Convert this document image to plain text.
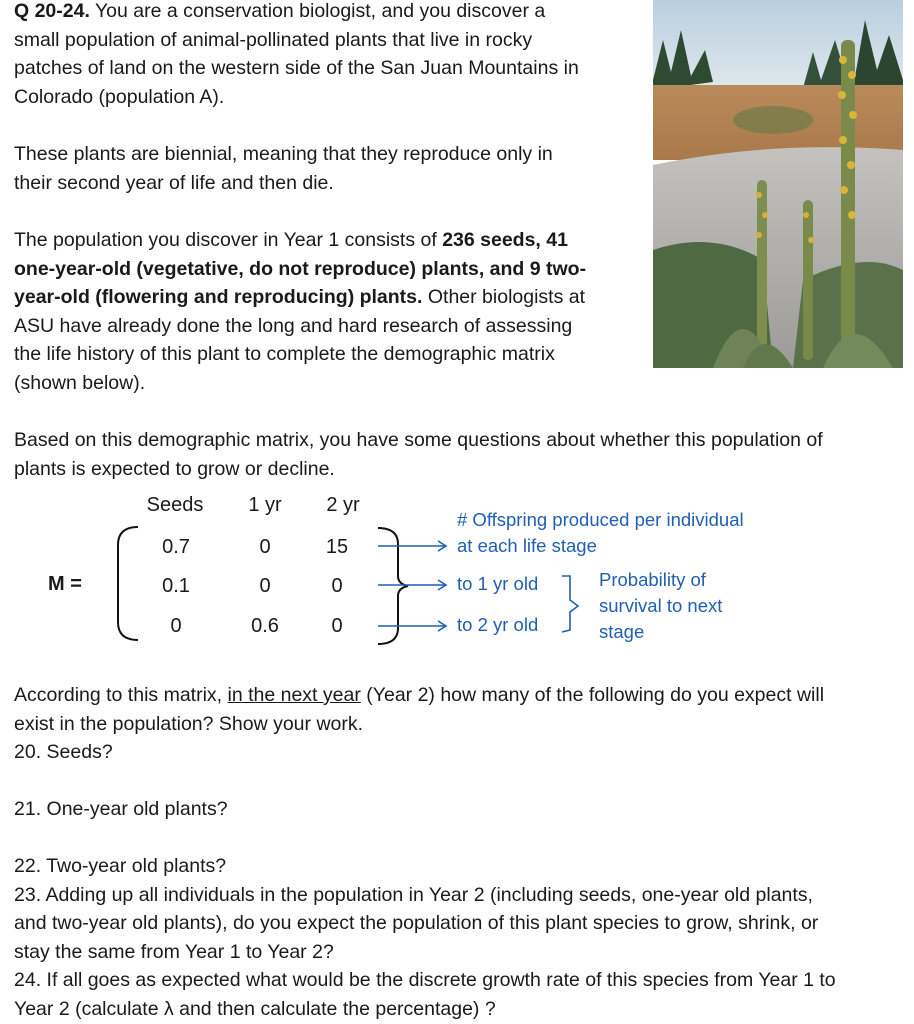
Q 20-24. You are a conservation biologist, and you discover a
small population of animal-pollinated plants that live in rocky
patches of land on the western side of the San Juan Mountains in
Colorado (population A).
These plants are biennial, meaning that they reproduce only in
their second year of life and then die.
The population you discover in Year 1 consists of 236 seeds, 41
one-year-old (vegetative, do not reproduce) plants, and 9 two-
year-old (flowering and reproducing) plants. Other biologists at
ASU have already done the long and hard research of assessing
the life history of this plant to complete the demographic matrix
(shown below).
Based on this demographic matrix, you have some questions about whether this population of
plants is expected to grow or decline.
M =
Seeds	1 yr	2 yr
0.7	0	15
0.1	0	0
0	0.6	0
# Offspring produced per individual
at each life stage
to 1 yr old
to 2 yr old
Probability of
survival to next
stage
According to this matrix, in the next year (Year 2) how many of the following do you expect will
exist in the population? Show your work.
20. Seeds?
21. One-year old plants?
22. Two-year old plants?
23. Adding up all individuals in the population in Year 2 (including seeds, one-year old plants,
and two-year old plants), do you expect the population of this plant species to grow, shrink, or
stay the same from Year 1 to Year 2?
24. If all goes as expected what would be the discrete growth rate of this species from Year 1 to
Year 2 (calculate λ and then calculate the percentage) ?
